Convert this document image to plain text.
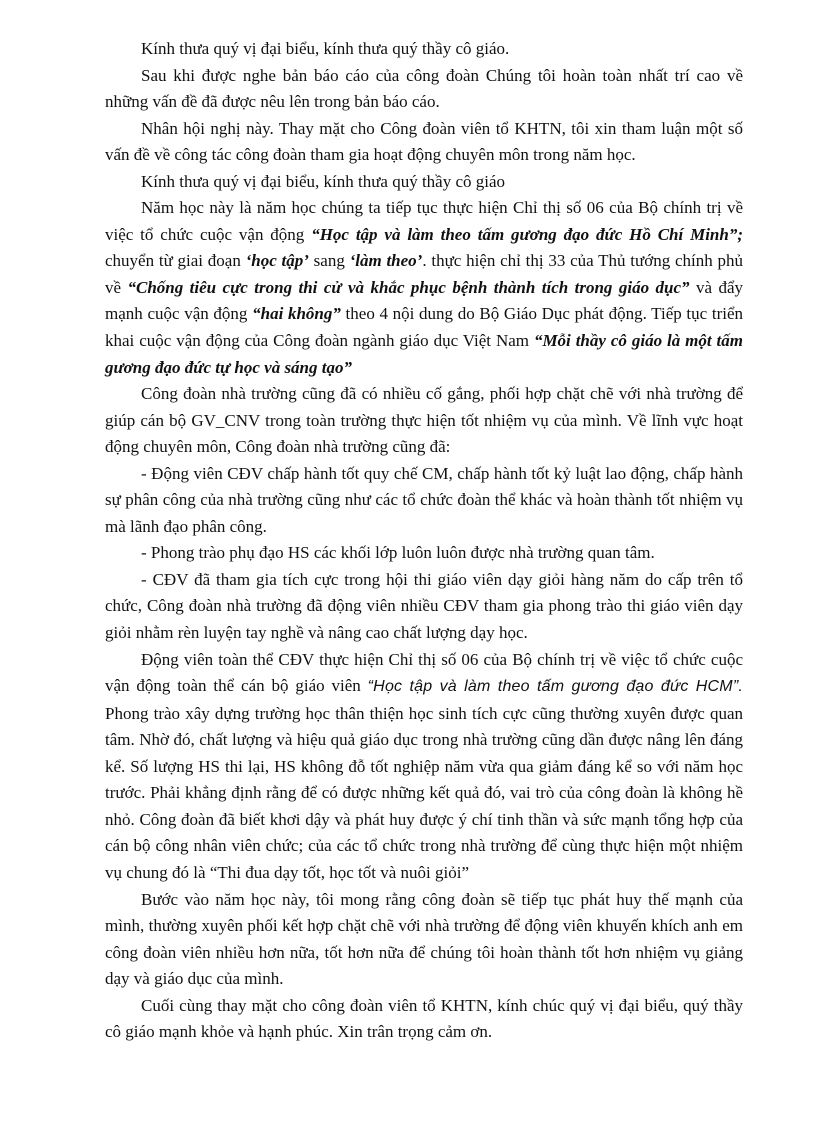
Kính thưa quý vị đại biểu, kính thưa quý thầy cô giáo.

Sau khi được nghe bản báo cáo của công đoàn Chúng tôi hoàn toàn nhất trí cao về những vấn đề đã được nêu lên trong bản báo cáo.

Nhân hội nghị này. Thay mặt cho Công đoàn viên tổ KHTN, tôi xin tham luận một số vấn đề về công tác công đoàn tham gia hoạt động chuyên môn trong năm học.

Kính thưa quý vị đại biểu, kính thưa quý thầy cô giáo

Năm học này là năm học chúng ta tiếp tục thực hiện Chỉ thị số 06 của Bộ chính trị về việc tổ chức cuộc vận động “Học tập và làm theo tấm gương đạo đức Hồ Chí Minh”; chuyển từ giai đoạn ‘học tập’ sang ‘làm theo’. thực hiện chỉ thị 33 của Thủ tướng chính phủ về “Chống tiêu cực trong thi cử và khắc phục bệnh thành tích trong giáo dục” và đẩy mạnh cuộc vận động “hai không” theo 4 nội dung do Bộ Giáo Dục phát động. Tiếp tục triển khai cuộc vận động của Công đoàn ngành giáo dục Việt Nam “Mỗi thầy cô giáo là một tấm gương đạo đức tự học và sáng tạo”

Công đoàn nhà trường cũng đã có nhiều cố gắng, phối hợp chặt chẽ với nhà trường để giúp cán bộ GV_CNV trong toàn trường thực hiện tốt nhiệm vụ của mình. Về lĩnh vực hoạt động chuyên môn, Công đoàn nhà trường cũng đã:

- Động viên CĐV chấp hành tốt quy chế CM, chấp hành tốt kỷ luật lao động, chấp hành sự phân công của nhà trường cũng như các tổ chức đoàn thể khác và hoàn thành tốt nhiệm vụ mà lãnh đạo phân công.

- Phong trào phụ đạo HS các khối lớp luôn luôn được nhà trường quan tâm.

- CĐV đã tham gia tích cực trong hội thi giáo viên dạy giỏi hàng năm do cấp trên tổ chức, Công đoàn nhà trường đã động viên nhiều CĐV tham gia phong trào thi giáo viên dạy giỏi nhằm rèn luyện tay nghề và nâng cao chất lượng dạy học.

Động viên toàn thể CĐV thực hiện Chỉ thị số 06 của Bộ chính trị về việc tổ chức cuộc vận động toàn thể cán bộ giáo viên “Học tập và làm theo tấm gương đạo đức HCM”. Phong trào xây dựng trường học thân thiện học sinh tích cực cũng thường xuyên được quan tâm. Nhờ đó, chất lượng và hiệu quả giáo dục trong nhà trường cũng dần được nâng lên đáng kể. Số lượng HS thi lại, HS không đỗ tốt nghiệp năm vừa qua giảm đáng kể so với năm học trước. Phải khẳng định rằng để có được những kết quả đó, vai trò của công đoàn là không hề nhỏ. Công đoàn đã biết khơi dậy và phát huy được ý chí tinh thần và sức mạnh tổng hợp của cán bộ công nhân viên chức; của các tổ chức trong nhà trường để cùng thực hiện một nhiệm vụ chung đó là “Thi đua dạy tốt, học tốt và nuôi giỏi”

Bước vào năm học này, tôi mong rằng công đoàn sẽ tiếp tục phát huy thế mạnh của mình, thường xuyên phối kết hợp chặt chẽ với nhà trường để động viên khuyến khích anh em công đoàn viên nhiều hơn nữa, tốt hơn nữa để chúng tôi hoàn thành tốt hơn nhiệm vụ giảng dạy và giáo dục của mình.

Cuối cùng thay mặt cho công đoàn viên tổ KHTN, kính chúc quý vị đại biểu, quý thầy cô giáo mạnh khỏe và hạnh phúc. Xin trân trọng cảm ơn.
